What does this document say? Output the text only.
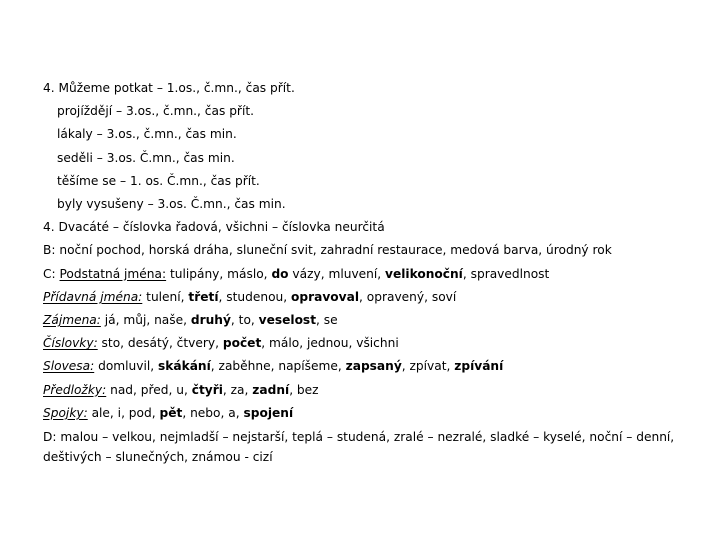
4. Můžeme potkat – 1.os., č.mn., čas přít.
projíždějí – 3.os., č.mn., čas přít.
lákaly – 3.os., č.mn., čas min.
seděli – 3.os. Č.mn., čas min.
těšíme se – 1. os. Č.mn., čas přít.
byly vysušeny – 3.os. Č.mn., čas min.
4. Dvacáté – číslovka řadová, všichni – číslovka neurčitá
B: noční pochod, horská dráha, sluneční svit, zahradní restaurace, medová barva, úrodný rok
C: Podstatná jména: tulipány, máslo, do vázy, mluvení, velikonoční, spravedlnost
Přídavná jména: tulení, třetí, studenou, opravoval, opravený, soví
Zájmena: já, můj, naše, druhý, to, veselost, se
Číslovky: sto, desátý, čtvery, počet, málo, jednou, všichni
Slovesa: domluvil, skákání, zaběhne, napíšeme, zapsaný, zpívat, zpívání
Předložky: nad, před, u, čtyři, za, zadní, bez
Spojky: ale, i, pod, pět, nebo, a, spojení
D: malou – velkou, nejmladší – nejstarší, teplá – studená, zralé – nezralé, sladké – kyselé, noční – denní, deštivých – slunečných, známou - cizí
